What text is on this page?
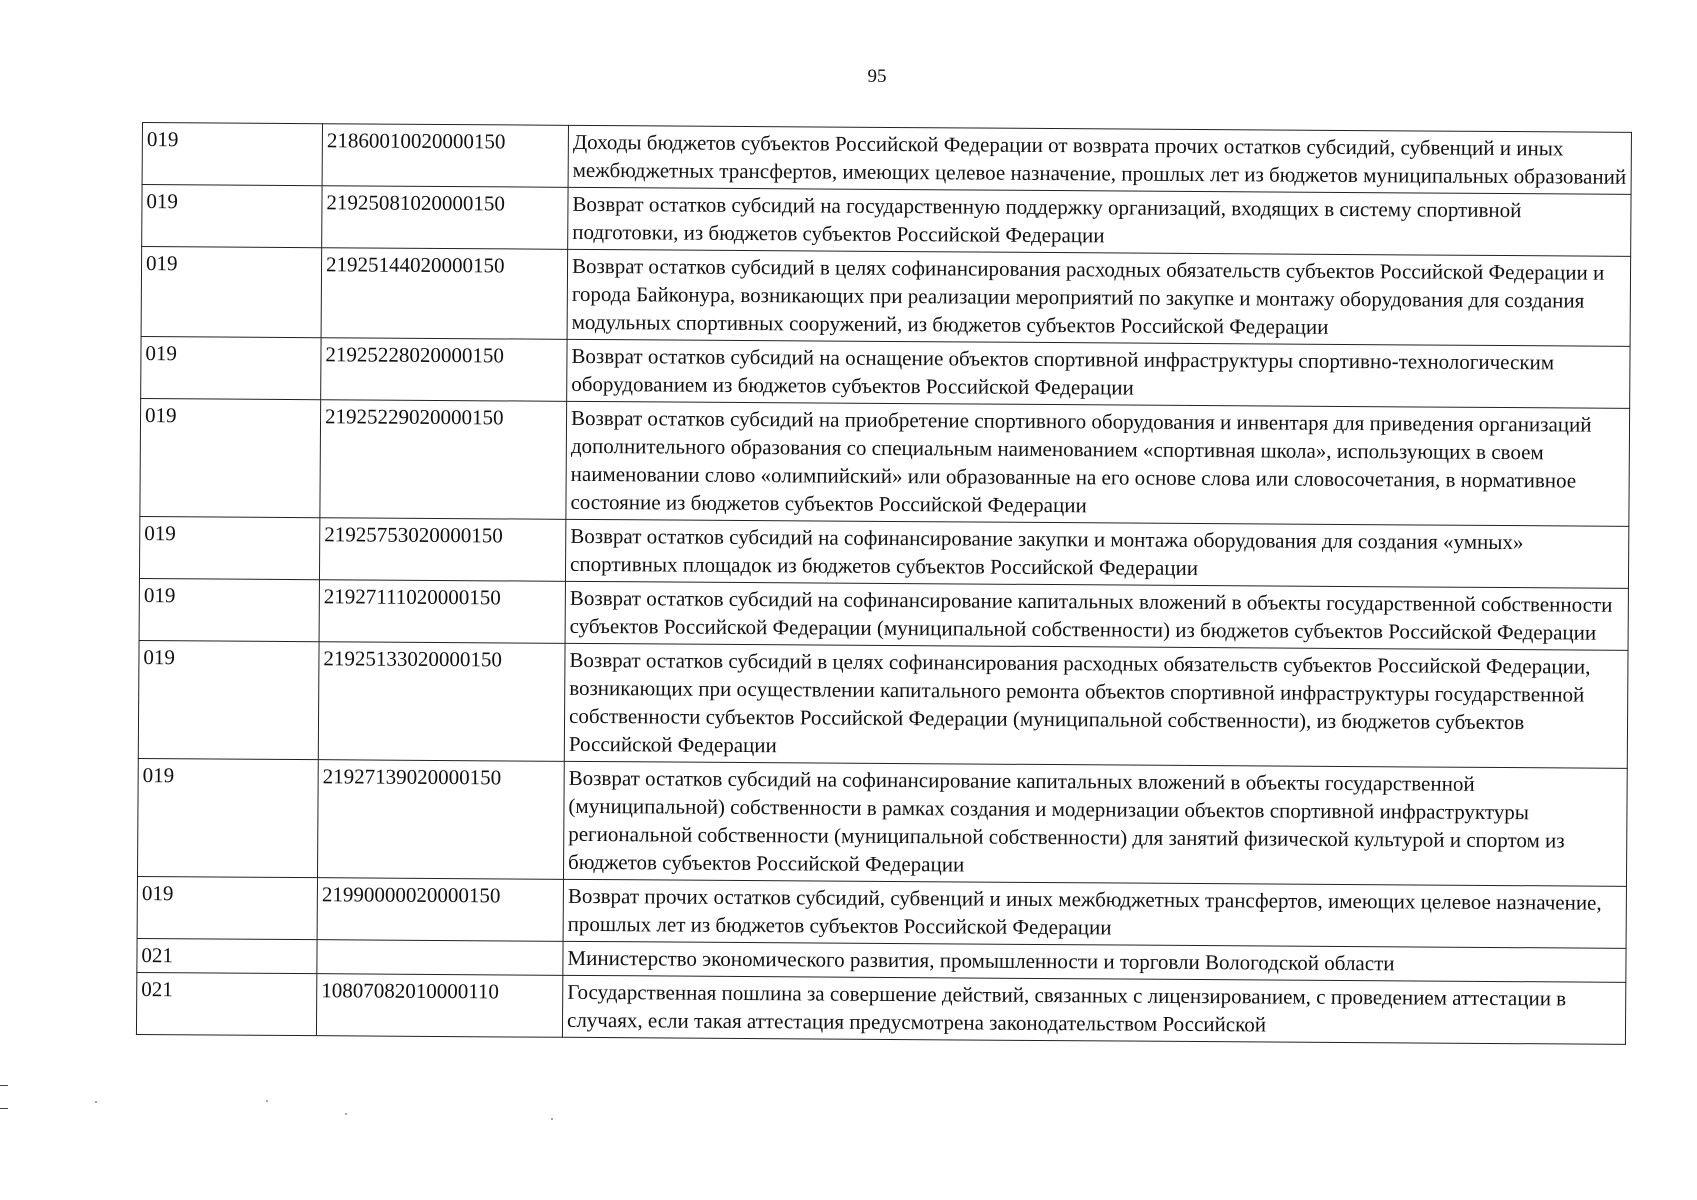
95
019	21860010020000150	Доходы бюджетов субъектов Российской Федерации от возврата прочих остатков субсидий, субвенций и иных межбюджетных трансфертов, имеющих целевое назначение, прошлых лет из бюджетов муниципальных образований
019	21925081020000150	Возврат остатков субсидий на государственную поддержку организаций, входящих в систему спортивной подготовки, из бюджетов субъектов Российской Федерации
019	21925144020000150	Возврат остатков субсидий в целях софинансирования расходных обязательств субъектов Российской Федерации и города Байконура, возникающих при реализации мероприятий по закупке и монтажу оборудования для создания модульных спортивных сооружений, из бюджетов субъектов Российской Федерации
019	21925228020000150	Возврат остатков субсидий на оснащение объектов спортивной инфраструктуры спортивно-технологическим оборудованием из бюджетов субъектов Российской Федерации
019	21925229020000150	Возврат остатков субсидий на приобретение спортивного оборудования и инвентаря для приведения организаций дополнительного образования со специальным наименованием «спортивная школа», использующих в своем наименовании слово «олимпийский» или образованные на его основе слова или словосочетания, в нормативное состояние из бюджетов субъектов Российской Федерации
019	21925753020000150	Возврат остатков субсидий на софинансирование закупки и монтажа оборудования для создания «умных» спортивных площадок из бюджетов субъектов Российской Федерации
019	21927111020000150	Возврат остатков субсидий на софинансирование капитальных вложений в объекты государственной собственности субъектов Российской Федерации (муниципальной собственности) из бюджетов субъектов Российской Федерации
019	21925133020000150	Возврат остатков субсидий в целях софинансирования расходных обязательств субъектов Российской Федерации, возникающих при осуществлении капитального ремонта объектов спортивной инфраструктуры государственной собственности субъектов Российской Федерации (муниципальной собственности), из бюджетов субъектов Российской Федерации
019	21927139020000150	Возврат остатков субсидий на софинансирование капитальных вложений в объекты государственной (муниципальной) собственности в рамках создания и модернизации объектов спортивной инфраструктуры региональной собственности (муниципальной собственности) для занятий физической культурой и спортом из бюджетов субъектов Российской Федерации
019	21990000020000150	Возврат прочих остатков субсидий, субвенций и иных межбюджетных трансфертов, имеющих целевое назначение, прошлых лет из бюджетов субъектов Российской Федерации
021		Министерство экономического развития, промышленности и торговли Вологодской области
021	10807082010000110	Государственная пошлина за совершение действий, связанных с лицензированием, с проведением аттестации в случаях, если такая аттестация предусмотрена законодательством Российской
